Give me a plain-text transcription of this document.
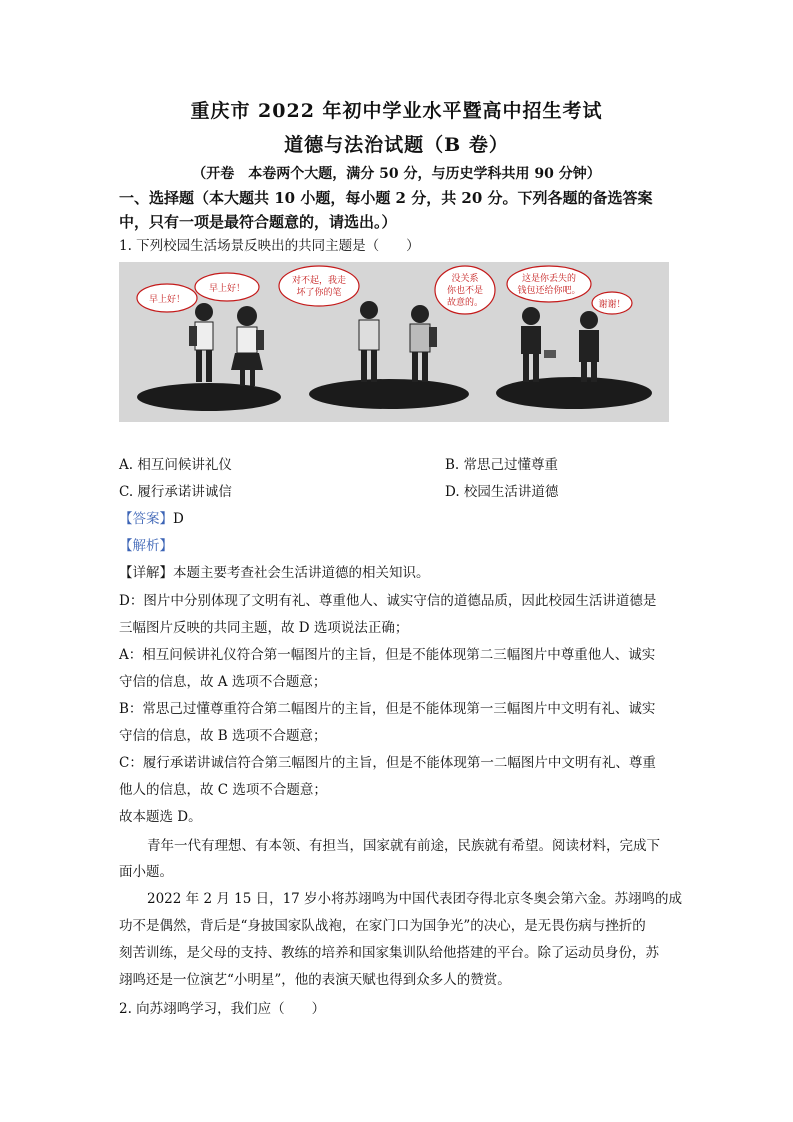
重庆市 2022 年初中学业水平暨高中招生考试
道德与法治试题（B 卷）
（开卷　本卷两个大题，满分 50 分，与历史学科共用 90 分钟）
一、选择题（本大题共 10 小题，每小题 2 分，共 20 分。下列各题的备选答案
中，只有一项是最符合题意的，请选出。）
1. 下列校园生活场景反映出的共同主题是（　　）
早上好！
早上好！
对不起，我走
坏了你的笔
没关系
你也不是
故意的。
这是你丢失的
钱包还给你吧。
谢谢！
A. 相互问候讲礼仪	B. 常思己过懂尊重
C. 履行承诺讲诚信	D. 校园生活讲道德
【答案】D
【解析】
【详解】本题主要考查社会生活讲道德的相关知识。
D：图片中分别体现了文明有礼、尊重他人、诚实守信的道德品质，因此校园生活讲道德是
三幅图片反映的共同主题，故 D 选项说法正确；
A：相互问候讲礼仪符合第一幅图片的主旨，但是不能体现第二三幅图片中尊重他人、诚实
守信的信息，故 A 选项不合题意；
B：常思己过懂尊重符合第二幅图片的主旨，但是不能体现第一三幅图片中文明有礼、诚实
守信的信息，故 B 选项不合题意；
C：履行承诺讲诚信符合第三幅图片的主旨，但是不能体现第一二幅图片中文明有礼、尊重
他人的信息，故 C 选项不合题意；
故本题选 D。
青年一代有理想、有本领、有担当，国家就有前途，民族就有希望。阅读材料，完成下
面小题。
2022 年 2 月 15 日，17 岁小将苏翊鸣为中国代表团夺得北京冬奥会第六金。苏翊鸣的成
功不是偶然，背后是“身披国家队战袍，在家门口为国争光”的决心，是无畏伤病与挫折的
刻苦训练，是父母的支持、教练的培养和国家集训队给他搭建的平台。除了运动员身份，苏
翊鸣还是一位演艺“小明星”，他的表演天赋也得到众多人的赞赏。
2. 向苏翊鸣学习，我们应（　　）
